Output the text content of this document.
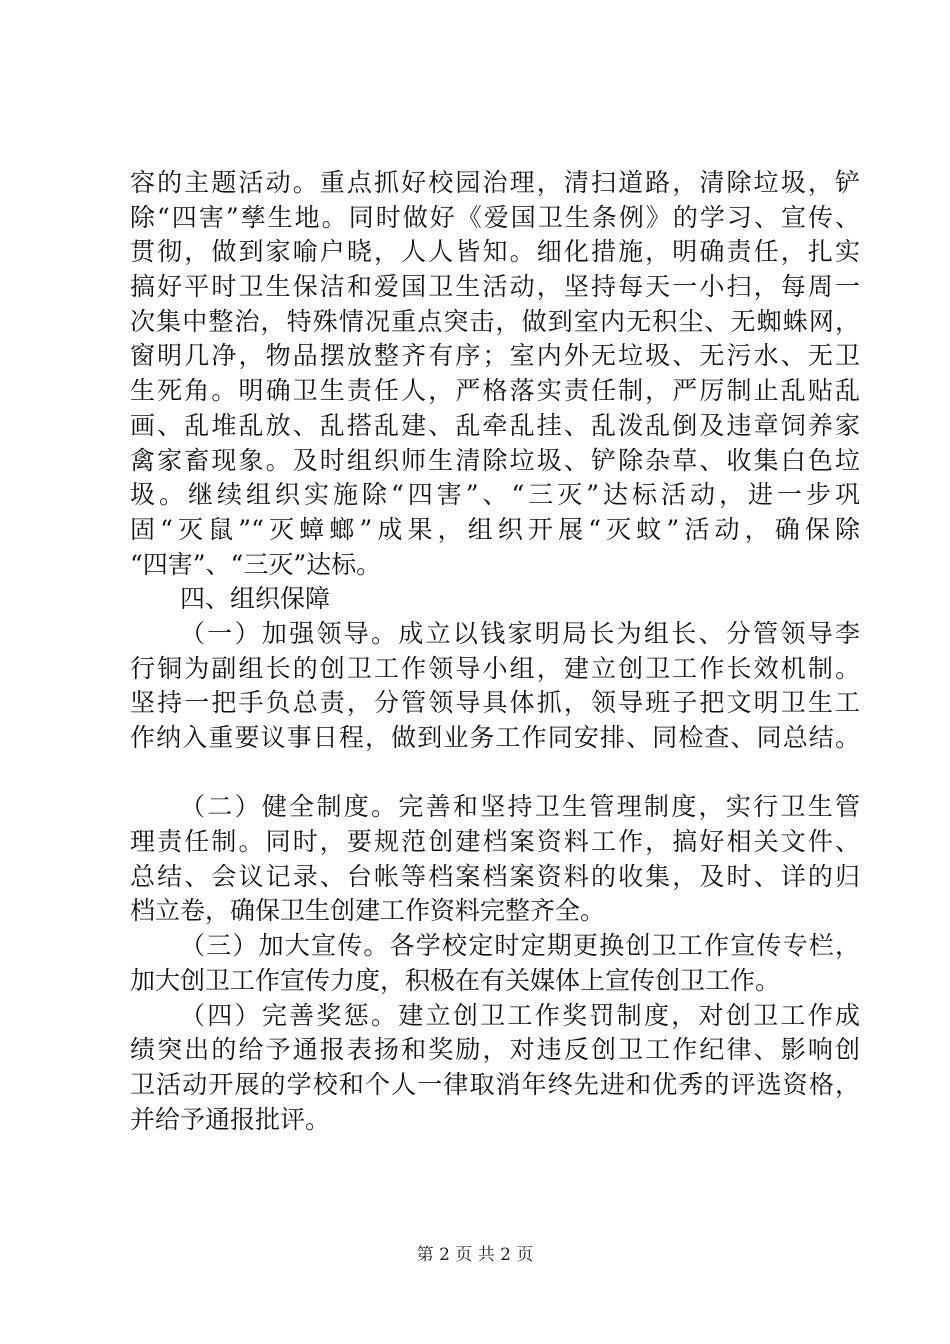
容的主题活动。重点抓好校园治理，清扫道路，清除垃圾，铲
除“四害”孳生地。同时做好《爱国卫生条例》的学习、宣传、
贯彻，做到家喻户晓，人人皆知。细化措施，明确责任，扎实
搞好平时卫生保洁和爱国卫生活动，坚持每天一小扫，每周一
次集中整治，特殊情况重点突击，做到室内无积尘、无蜘蛛网，
窗明几净，物品摆放整齐有序；室内外无垃圾、无污水、无卫
生死角。明确卫生责任人，严格落实责任制，严厉制止乱贴乱
画、乱堆乱放、乱搭乱建、乱牵乱挂、乱泼乱倒及违章饲养家
禽家畜现象。及时组织师生清除垃圾、铲除杂草、收集白色垃
圾。继续组织实施除“四害”、“三灭”达标活动，进一步巩
固“灭鼠”“灭蟑螂”成果，组织开展“灭蚊”活动，确保除
“四害”、“三灭”达标。
四、组织保障
（一）加强领导。成立以钱家明局长为组长、分管领导李
行铜为副组长的创卫工作领导小组，建立创卫工作长效机制。
坚持一把手负总责，分管领导具体抓，领导班子把文明卫生工
作纳入重要议事日程，做到业务工作同安排、同检查、同总结。
（二）健全制度。完善和坚持卫生管理制度，实行卫生管
理责任制。同时，要规范创建档案资料工作，搞好相关文件、
总结、会议记录、台帐等档案档案资料的收集，及时、详的归
档立卷，确保卫生创建工作资料完整齐全。
（三）加大宣传。各学校定时定期更换创卫工作宣传专栏，
加大创卫工作宣传力度，积极在有关媒体上宣传创卫工作。
（四）完善奖惩。建立创卫工作奖罚制度，对创卫工作成
绩突出的给予通报表扬和奖励，对违反创卫工作纪律、影响创
卫活动开展的学校和个人一律取消年终先进和优秀的评选资格，
并给予通报批评。
第 2 页 共 2 页
